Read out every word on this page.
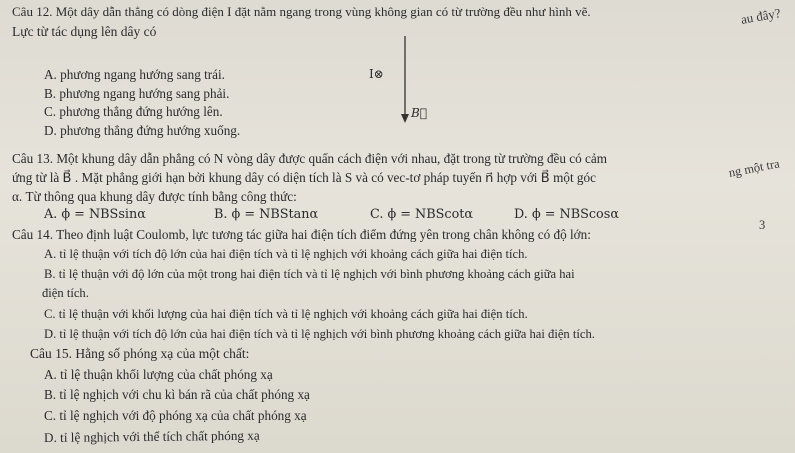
Câu 12. Một dây dẫn thẳng có dòng điện I đặt nằm ngang trong vùng không gian có từ trường đều như hình vẽ.
Lực từ tác dụng lên dây có
A. phương ngang hướng sang trái.
B. phương ngang hướng sang phải.
C. phương thẳng đứng hướng lên.
D. phương thẳng đứng hướng xuống.
I⊗
B⃗
Câu 13. Một khung dây dẫn phẳng có N vòng dây được quấn cách điện với nhau, đặt trong từ trường đều có cảm
ứng từ là B⃗ . Mặt phẳng giới hạn bởi khung dây có diện tích là S và có vec-tơ pháp tuyến n⃗ hợp với B⃗ một góc
α. Từ thông qua khung dây được tính bằng công thức:
A. ϕ = NBSsinα	B. ϕ = NBStanα	C. ϕ = NBScotα	D. ϕ = NBScosα
Câu 14. Theo định luật Coulomb, lực tương tác giữa hai điện tích điểm đứng yên trong chân không có độ lớn:
A. tỉ lệ thuận với tích độ lớn của hai điện tích và tỉ lệ nghịch với khoảng cách giữa hai điện tích.
B. tỉ lệ thuận với độ lớn của một trong hai điện tích và tỉ lệ nghịch với bình phương khoảng cách giữa hai
điện tích.
C. tỉ lệ thuận với khối lượng của hai điện tích và tỉ lệ nghịch với khoảng cách giữa hai điện tích.
D. tỉ lệ thuận với tích độ lớn của hai điện tích và tỉ lệ nghịch với bình phương khoảng cách giữa hai điện tích.
Câu 15. Hằng số phóng xạ của một chất:
A. tỉ lệ thuận khối lượng của chất phóng xạ
B. tỉ lệ nghịch với chu kì bán rã của chất phóng xạ
C. tỉ lệ nghịch với độ phóng xạ của chất phóng xạ
D. tỉ lệ nghịch với thể tích chất phóng xạ
au đây?
ng một tra
3
